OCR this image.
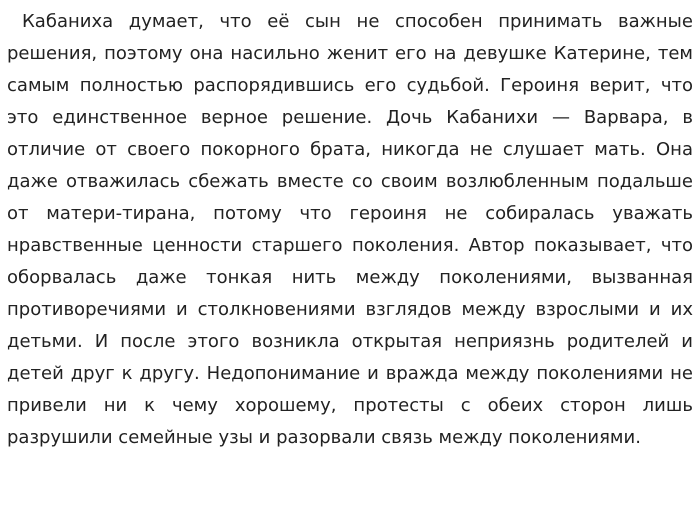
Кабаниха думает, что её сын не способен принимать важные решения, поэтому она насильно женит его на девушке Катерине, тем самым полностью распорядившись его судьбой. Героиня верит, что это единственное верное решение. Дочь Кабанихи — Варвара, в отличие от своего покорного брата, никогда не слушает мать. Она даже отважилась сбежать вместе со своим возлюбленным подальше от матери-тирана, потому что героиня не собиралась уважать нравственные ценности старшего поколения. Автор показывает, что оборвалась даже тонкая нить между поколениями, вызванная противоречиями и столкновениями взглядов между взрослыми и их детьми. И после этого возникла открытая неприязнь родителей и детей друг к другу. Недопонимание и вражда между поколениями не привели ни к чему хорошему, протесты с обеих сторон лишь разрушили семейные узы и разорвали связь между поколениями.
